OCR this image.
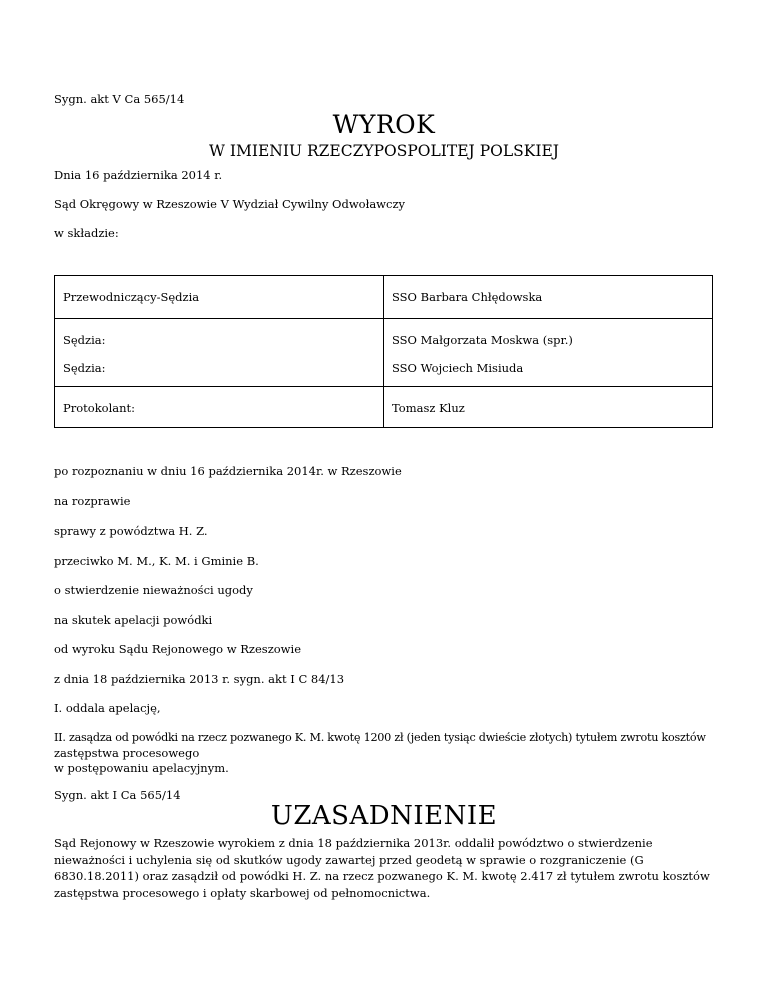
Sygn. akt V Ca 565/14
WYROK
W IMIENIU RZECZYPOSPOLITEJ POLSKIEJ
Dnia 16 października 2014 r.
Sąd Okręgowy w Rzeszowie V Wydział Cywilny Odwoławczy
w składzie:
Przewodniczący-Sędzia	SSO Barbara Chłędowska
Sędzia:	SSO Małgorzata Moskwa (spr.)
Sędzia:	SSO Wojciech Misiuda
Protokolant:	Tomasz Kluz
po rozpoznaniu w dniu 16 października 2014r. w Rzeszowie
na rozprawie
sprawy z powództwa H. Z.
przeciwko M. M., K. M. i Gminie B.
o stwierdzenie nieważności ugody
na skutek apelacji powódki
od wyroku Sądu Rejonowego w Rzeszowie
z dnia 18 października 2013 r. sygn. akt I C 84/13
I. oddala apelację,
II. zasądza od powódki na rzecz pozwanego K. M. kwotę 1200 zł (jeden tysiąc dwieście złotych) tytułem zwrotu kosztów
zastępstwa procesowego
w postępowaniu apelacyjnym.
Sygn. akt I Ca 565/14
UZASADNIENIE
Sąd Rejonowy w Rzeszowie wyrokiem z dnia 18 października 2013r. oddalił powództwo o stwierdzenie nieważności i uchylenia się od skutków ugody zawartej przed geodetą w sprawie o rozgraniczenie (G 6830.18.2011) oraz zasądził od powódki H. Z. na rzecz pozwanego K. M. kwotę 2.417 zł tytułem zwrotu kosztów zastępstwa procesowego i opłaty skarbowej od pełnomocnictwa.
